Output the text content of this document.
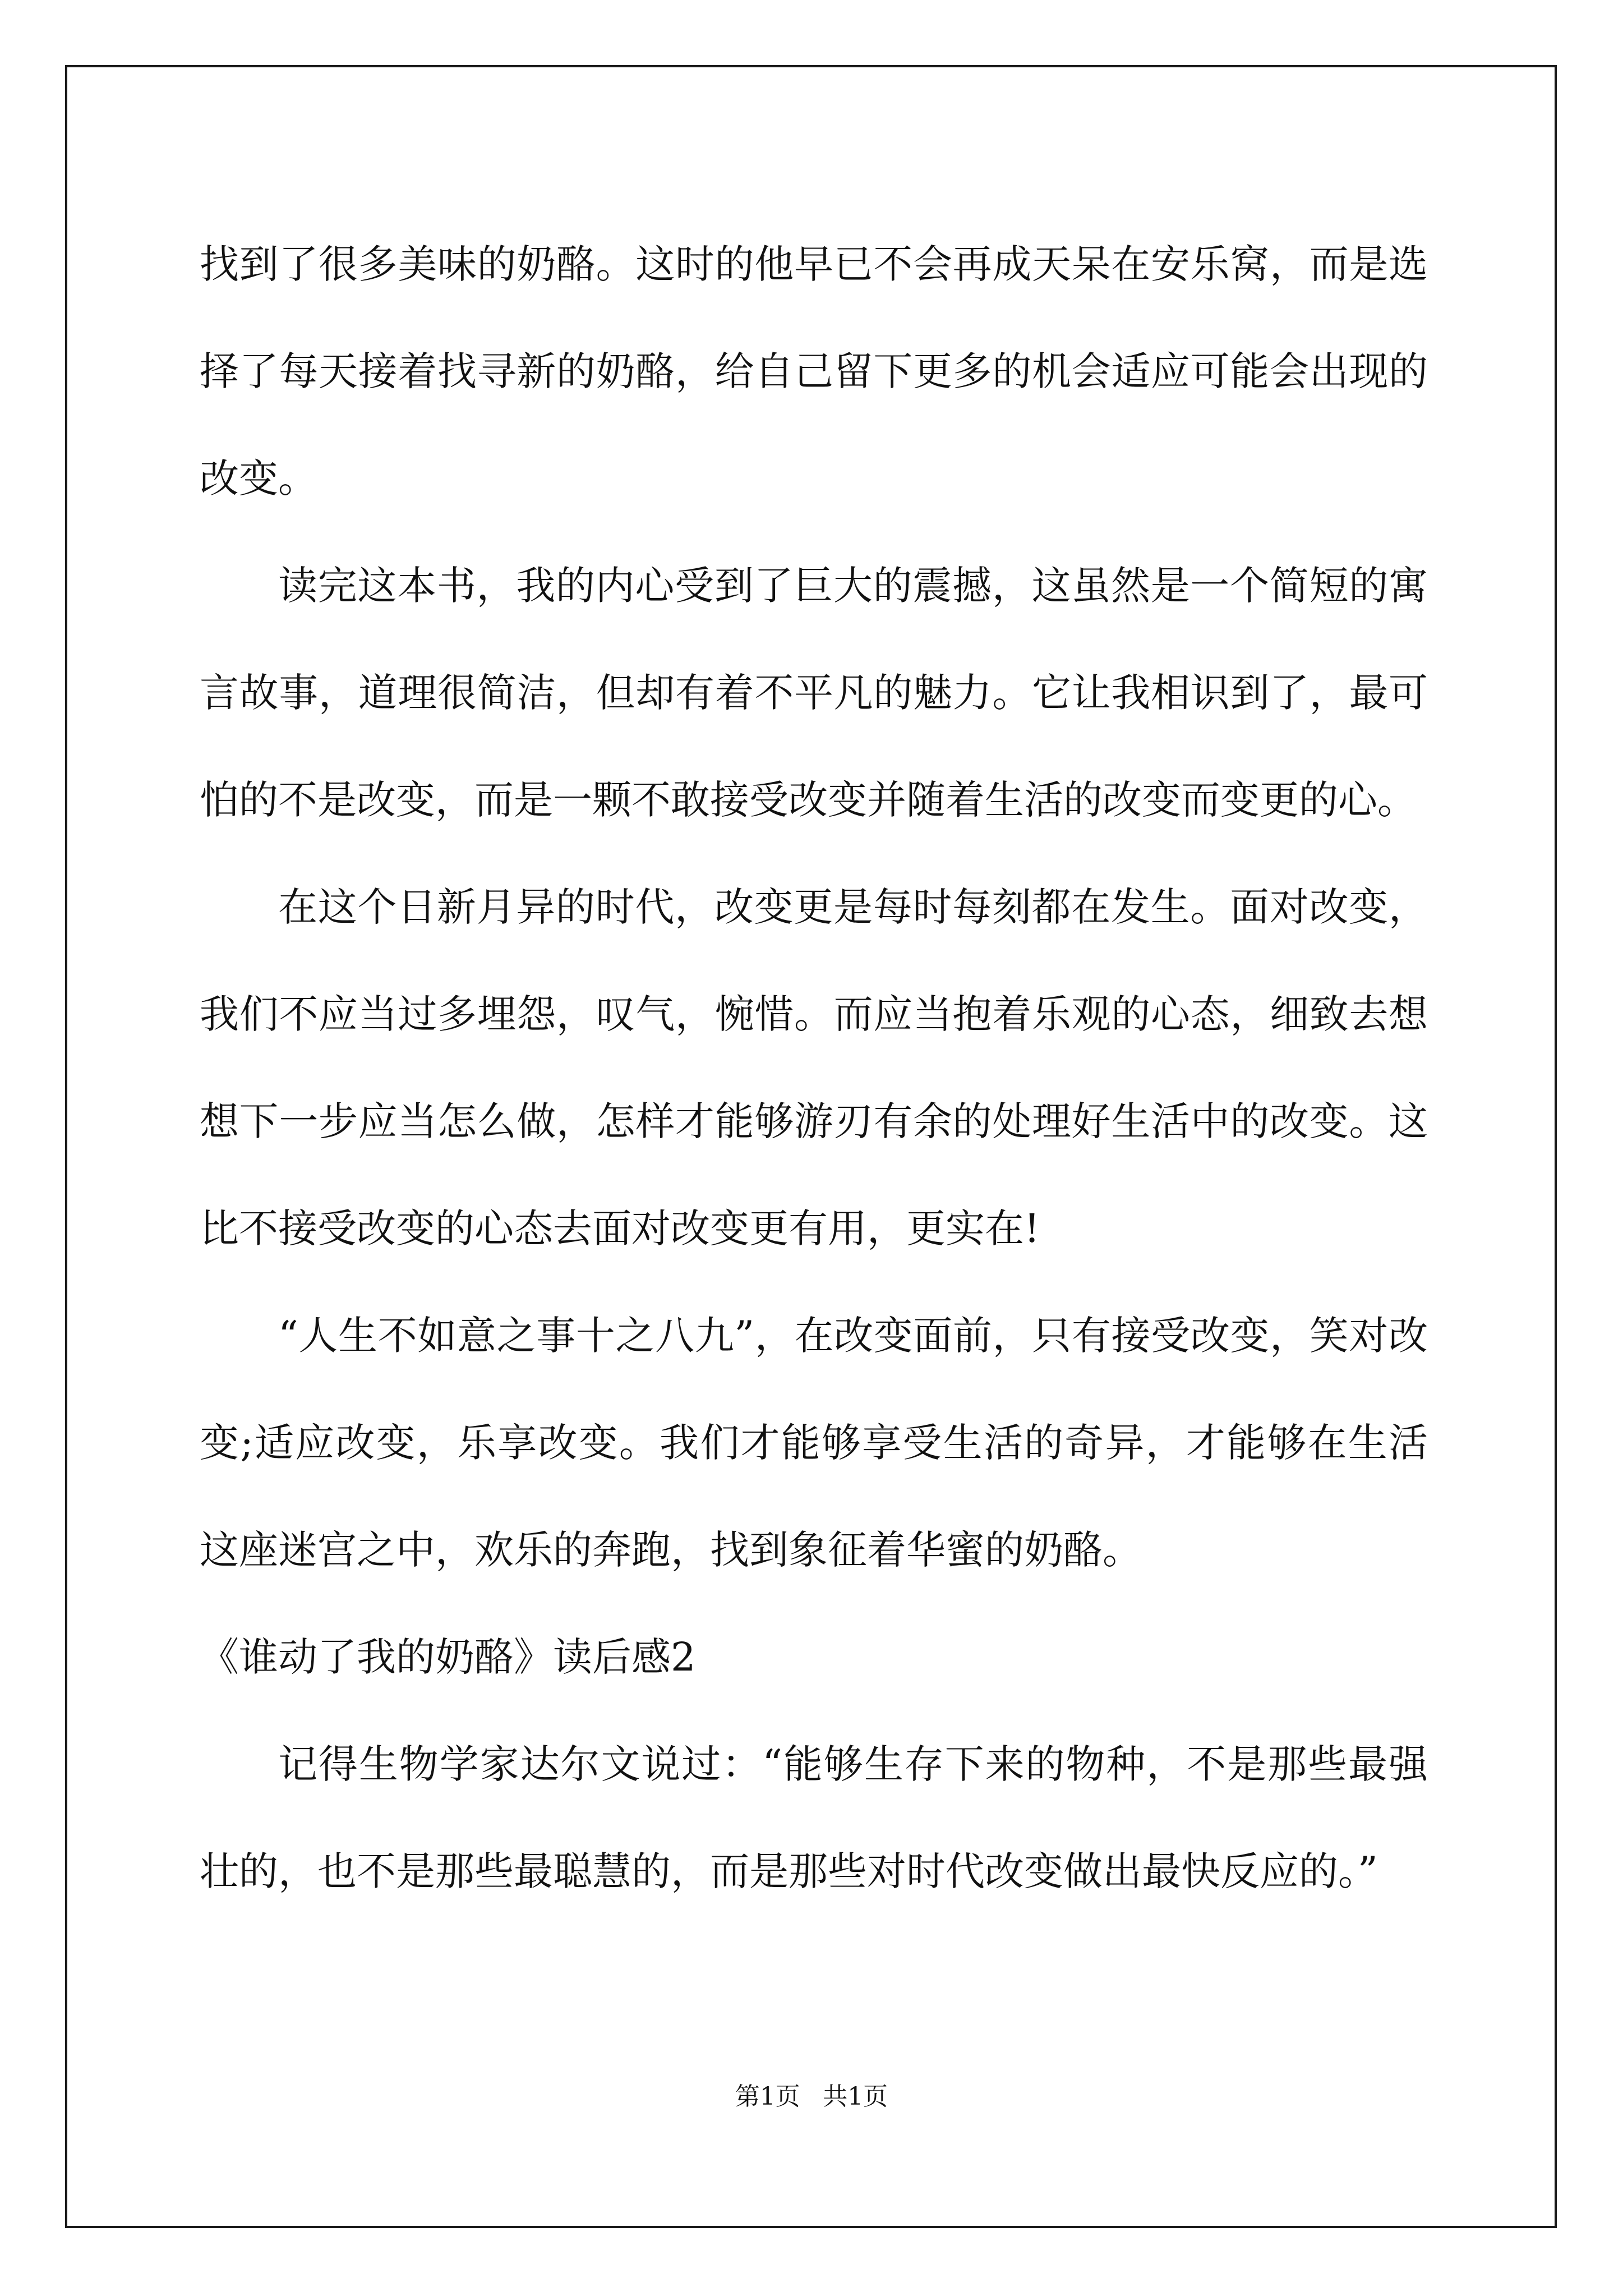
找到了很多美味的奶酪。这时的他早已不会再成天呆在安乐窝，而是选择了每天接着找寻新的奶酪，给自己留下更多的机会适应可能会出现的改变。

读完这本书，我的内心受到了巨大的震撼，这虽然是一个简短的寓言故事，道理很简洁，但却有着不平凡的魅力。它让我相识到了，最可怕的不是改变，而是一颗不敢接受改变并随着生活的改变而变更的心。

在这个日新月异的时代，改变更是每时每刻都在发生。面对改变，我们不应当过多埋怨，叹气，惋惜。而应当抱着乐观的心态，细致去想想下一步应当怎么做，怎样才能够游刃有余的处理好生活中的改变。这比不接受改变的心态去面对改变更有用，更实在!

“人生不如意之事十之八九”，在改变面前，只有接受改变，笑对改变;适应改变，乐享改变。我们才能够享受生活的奇异，才能够在生活这座迷宫之中，欢乐的奔跑，找到象征着华蜜的奶酪。

《谁动了我的奶酪》读后感2

记得生物学家达尔文说过：“能够生存下来的物种，不是那些最强壮的，也不是那些最聪慧的，而是那些对时代改变做出最快反应的。”

第1页 共1页
